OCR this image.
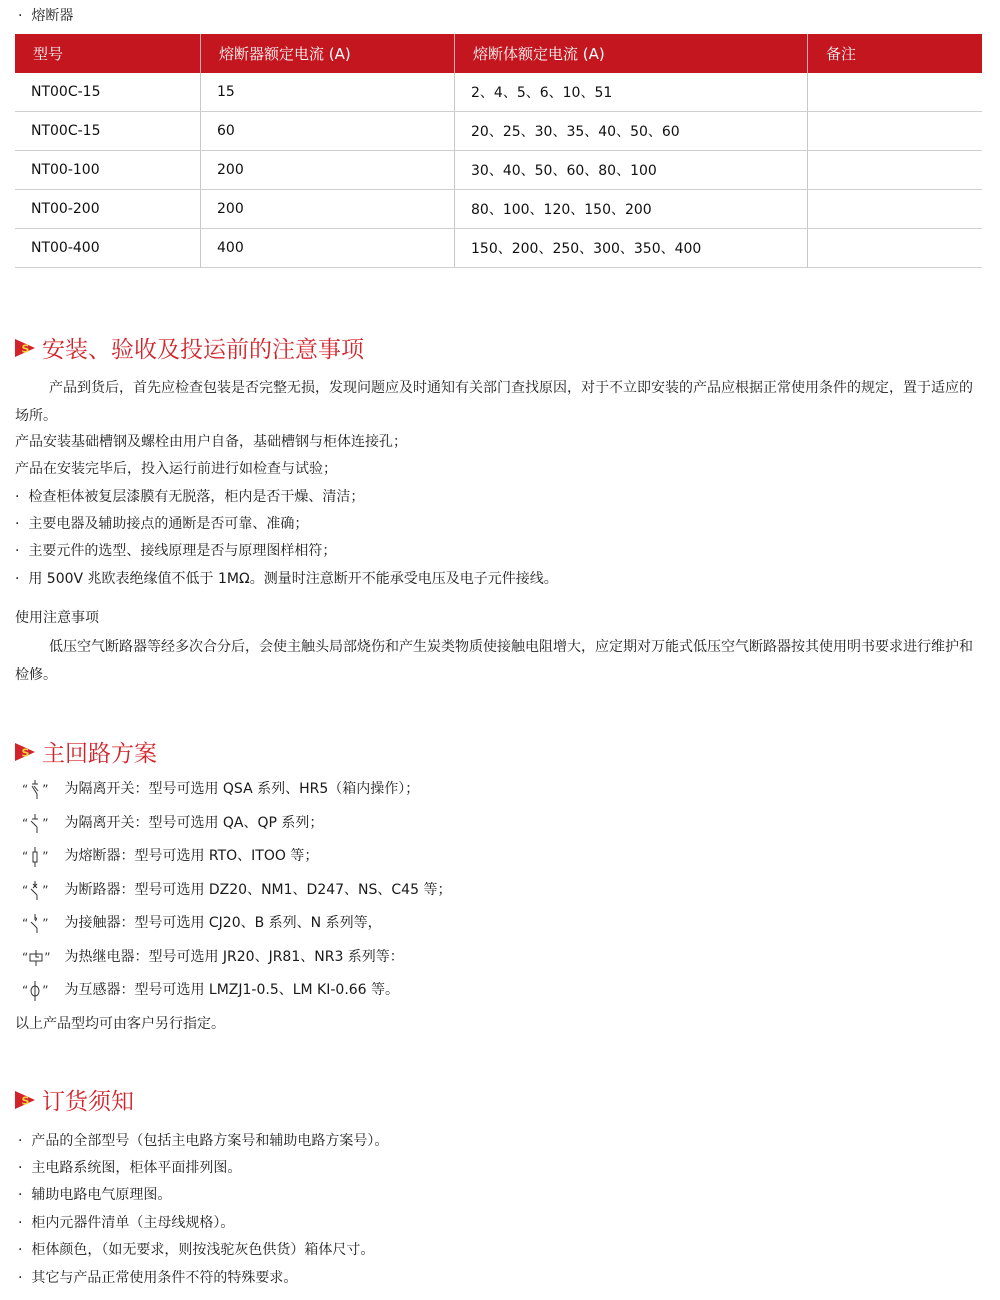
· 熔断器
型号	熔断器额定电流 (A)	熔断体额定电流 (A)	备注
NT00C-15	15	2、4、5、6、10、51	
NT00C-15	60	20、25、30、35、40、50、60	
NT00-100	200	30、40、50、60、80、100	
NT00-200	200	80、100、120、150、200	
NT00-400	400	150、200、250、300、350、400	
S 安装、验收及投运前的注意事项
产品到货后，首先应检查包装是否完整无损，发现问题应及时通知有关部门查找原因，对于不立即安装的产品应根据正常使用条件的规定，置于适应的场所。
产品安装基础槽钢及螺栓由用户自备，基础槽钢与柜体连接孔；
产品在安装完毕后，投入运行前进行如检查与试验；
·  检查柜体被复层漆膜有无脱落，柜内是否干燥、清洁；
·  主要电器及辅助接点的通断是否可靠、准确；
·  主要元件的选型、接线原理是否与原理图样相符；
·  用 500V 兆欧表绝缘值不低于 1MΩ。测量时注意断开不能承受电压及电子元件接线。
使用注意事项
低压空气断路器等经多次合分后，会使主触头局部烧伤和产生炭类物质使接触电阻增大，应定期对万能式低压空气断路器按其使用明书要求进行维护和检修。
S 主回路方案
“ ” 为隔离开关：型号可选用 QSA 系列、HR5（箱内操作）；
“ ” 为隔离开关：型号可选用 QA、QP 系列；
“ ” 为熔断器：型号可选用 RTO、ITOO 等；
“ ” 为断路器：型号可选用 DZ20、NM1、D247、NS、C45 等；
“ ” 为接触器：型号可选用 CJ20、B 系列、N 系列等，
“ ” 为热继电器：型号可选用 JR20、JR81、NR3 系列等：
“ ” 为互感器：型号可选用 LMZJ1-0.5、LM KI-0.66 等。
以上产品型均可由客户另行指定。
S 订货须知
·  产品的全部型号（包括主电路方案号和辅助电路方案号）。
·  主电路系统图，柜体平面排列图。
·  辅助电路电气原理图。
·  柜内元器件清单（主母线规格）。
·  柜体颜色，（如无要求，则按浅驼灰色供货）箱体尺寸。
·  其它与产品正常使用条件不符的特殊要求。
